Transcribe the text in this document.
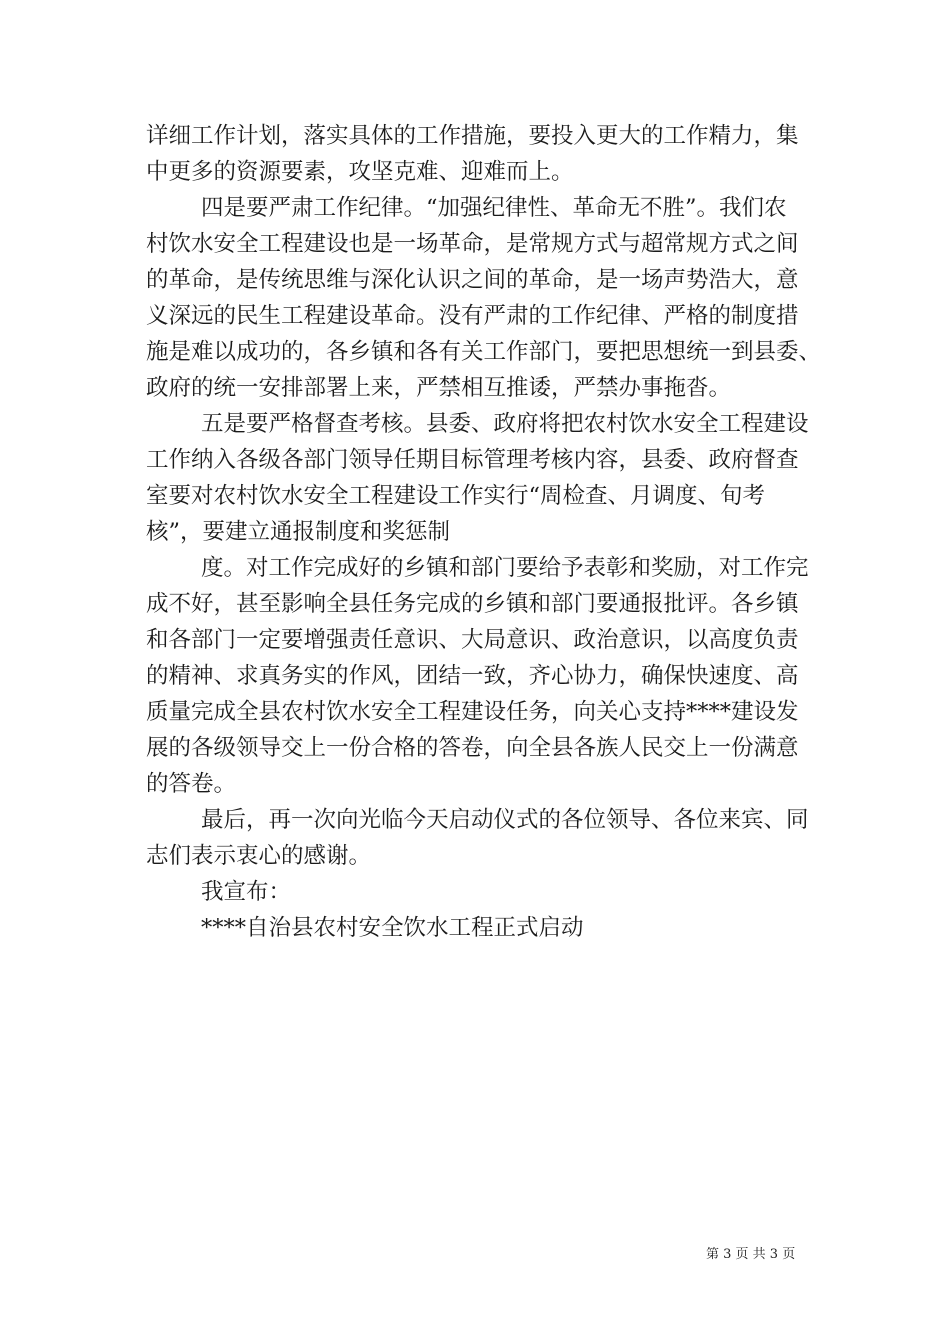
详细工作计划，落实具体的工作措施，要投入更大的工作精力，集
中更多的资源要素，攻坚克难、迎难而上。
四是要严肃工作纪律。“加强纪律性、革命无不胜”。我们农
村饮水安全工程建设也是一场革命，是常规方式与超常规方式之间
的革命，是传统思维与深化认识之间的革命，是一场声势浩大，意
义深远的民生工程建设革命。没有严肃的工作纪律、严格的制度措
施是难以成功的，各乡镇和各有关工作部门，要把思想统一到县委、
政府的统一安排部署上来，严禁相互推诿，严禁办事拖沓。
五是要严格督查考核。县委、政府将把农村饮水安全工程建设
工作纳入各级各部门领导任期目标管理考核内容，县委、政府督查
室要对农村饮水安全工程建设工作实行“周检查、月调度、旬考
核”，要建立通报制度和奖惩制
度。对工作完成好的乡镇和部门要给予表彰和奖励，对工作完
成不好，甚至影响全县任务完成的乡镇和部门要通报批评。各乡镇
和各部门一定要增强责任意识、大局意识、政治意识，以高度负责
的精神、求真务实的作风，团结一致，齐心协力，确保快速度、高
质量完成全县农村饮水安全工程建设任务，向关心支持****建设发
展的各级领导交上一份合格的答卷，向全县各族人民交上一份满意
的答卷。
最后，再一次向光临今天启动仪式的各位领导、各位来宾、同
志们表示衷心的感谢。
我宣布：
****自治县农村安全饮水工程正式启动
第 3 页 共 3 页
